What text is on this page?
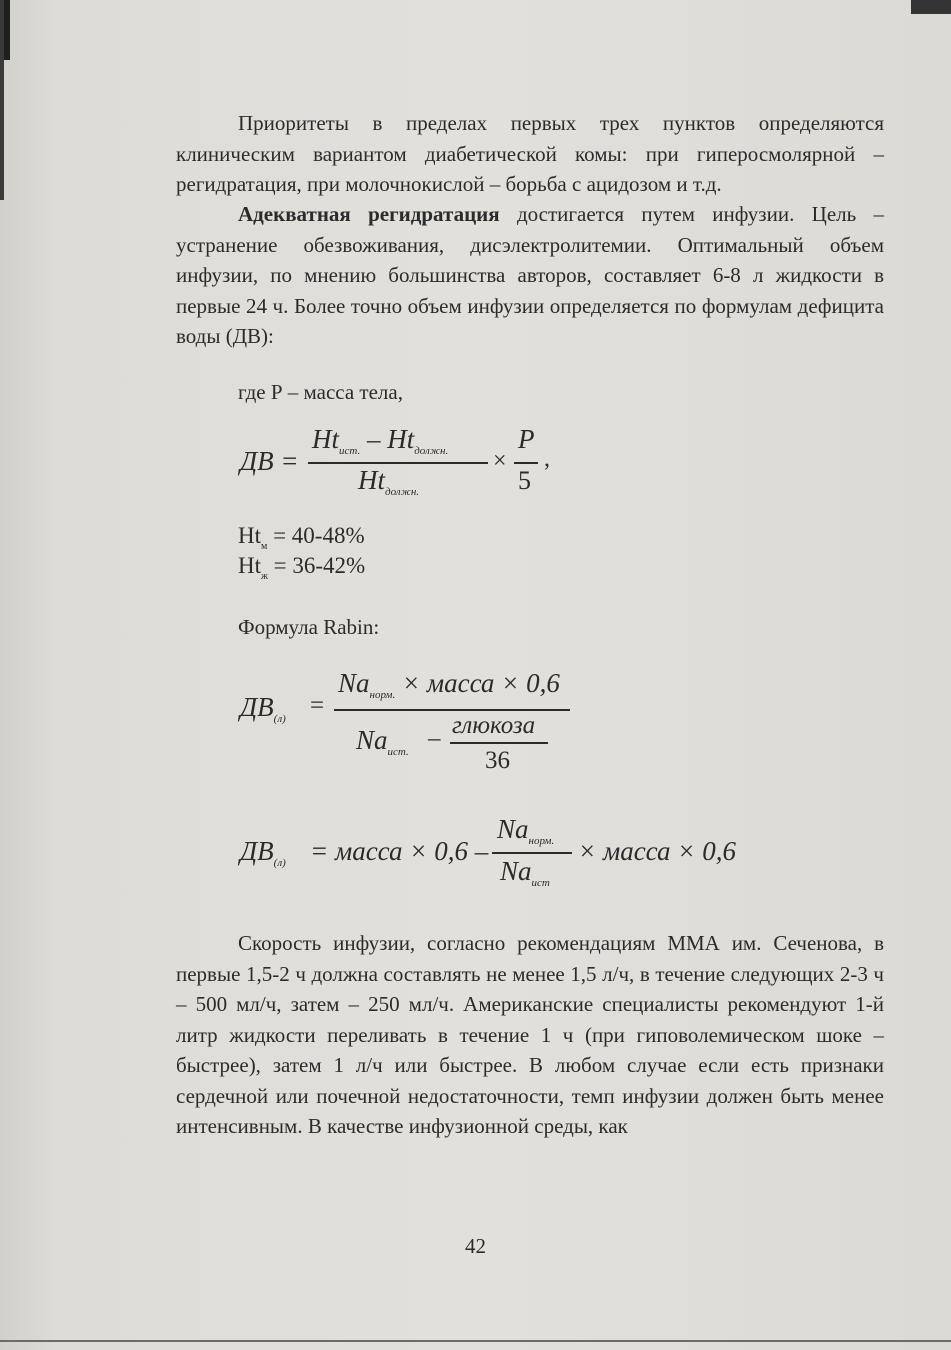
Приоритеты в пределах первых трех пунктов определяются клиническим вариантом диабетической комы: при гиперосмолярной – регидратация, при молочнокислой – борьба с ацидозом и т.д.
Адекватная регидратация достигается путем инфузии. Цель – устранение обезвоживания, дисэлектролитемии. Оптимальный объем инфузии, по мнению большинства авторов, составляет 6-8 л жидкости в первые 24 ч. Более точно объем инфузии определяется по формулам дефицита воды (ДВ):
где Р – масса тела,
ДВ =
$Ht_{ист.} - Ht_{должн.}$
$Ht_{должн.}$
×
P
5
,
$Ht_м = 40-48\%$
$Ht_ж = 36-42\%$
Формула Rabin:
$ДВ_{(л)}$ =
$Na_{норм.}$ × масса × 0,6
$Na_{ист.}$ – глюкоза
36
$ДВ_{(л)}$ = масса × 0,6 –
$Na_{норм.}$
$Na_{ист}$
× масса × 0,6
Скорость инфузии, согласно рекомендациям ММА им. Сеченова, в первые 1,5-2 ч должна составлять не менее 1,5 л/ч, в течение следующих 2-3 ч – 500 мл/ч, затем – 250 мл/ч. Американские специалисты рекомендуют 1-й литр жидкости переливать в течение 1 ч (при гиповолемическом шоке – быстрее), затем 1 л/ч или быстрее. В любом случае если есть признаки сердечной или почечной недостаточности, темп инфузии должен быть менее интенсивным. В качестве инфузионной среды, как
42
